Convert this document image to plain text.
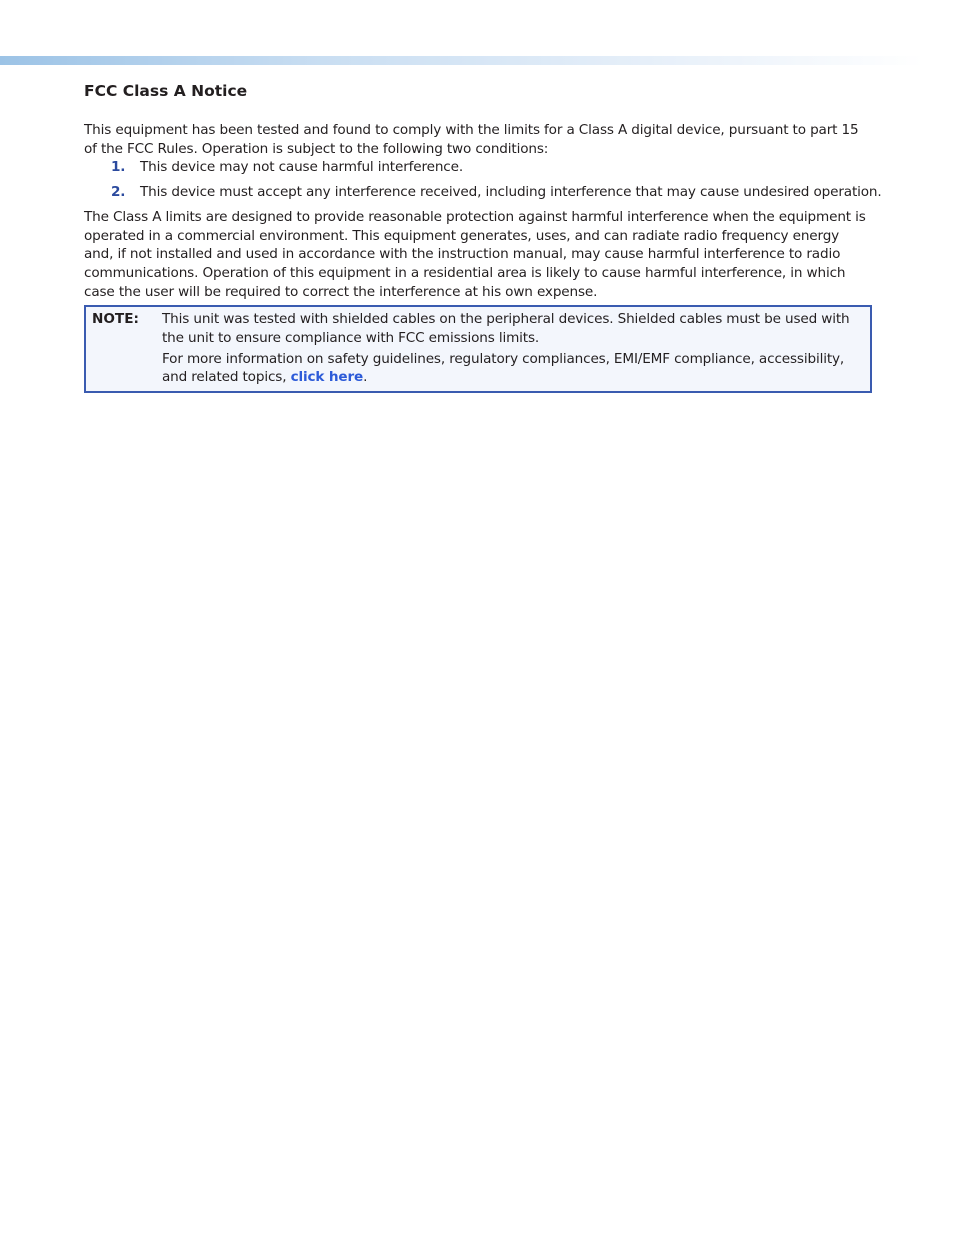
FCC Class A Notice

This equipment has been tested and found to comply with the limits for a Class A digital device, pursuant to part 15 of the FCC Rules. Operation is subject to the following two conditions:

1. This device may not cause harmful interference.
2. This device must accept any interference received, including interference that may cause undesired operation.

The Class A limits are designed to provide reasonable protection against harmful interference when the equipment is operated in a commercial environment. This equipment generates, uses, and can radiate radio frequency energy and, if not installed and used in accordance with the instruction manual, may cause harmful interference to radio communications. Operation of this equipment in a residential area is likely to cause harmful interference, in which case the user will be required to correct the interference at his own expense.

NOTE: This unit was tested with shielded cables on the peripheral devices. Shielded cables must be used with the unit to ensure compliance with FCC emissions limits.

For more information on safety guidelines, regulatory compliances, EMI/EMF compliance, accessibility, and related topics, click here.
